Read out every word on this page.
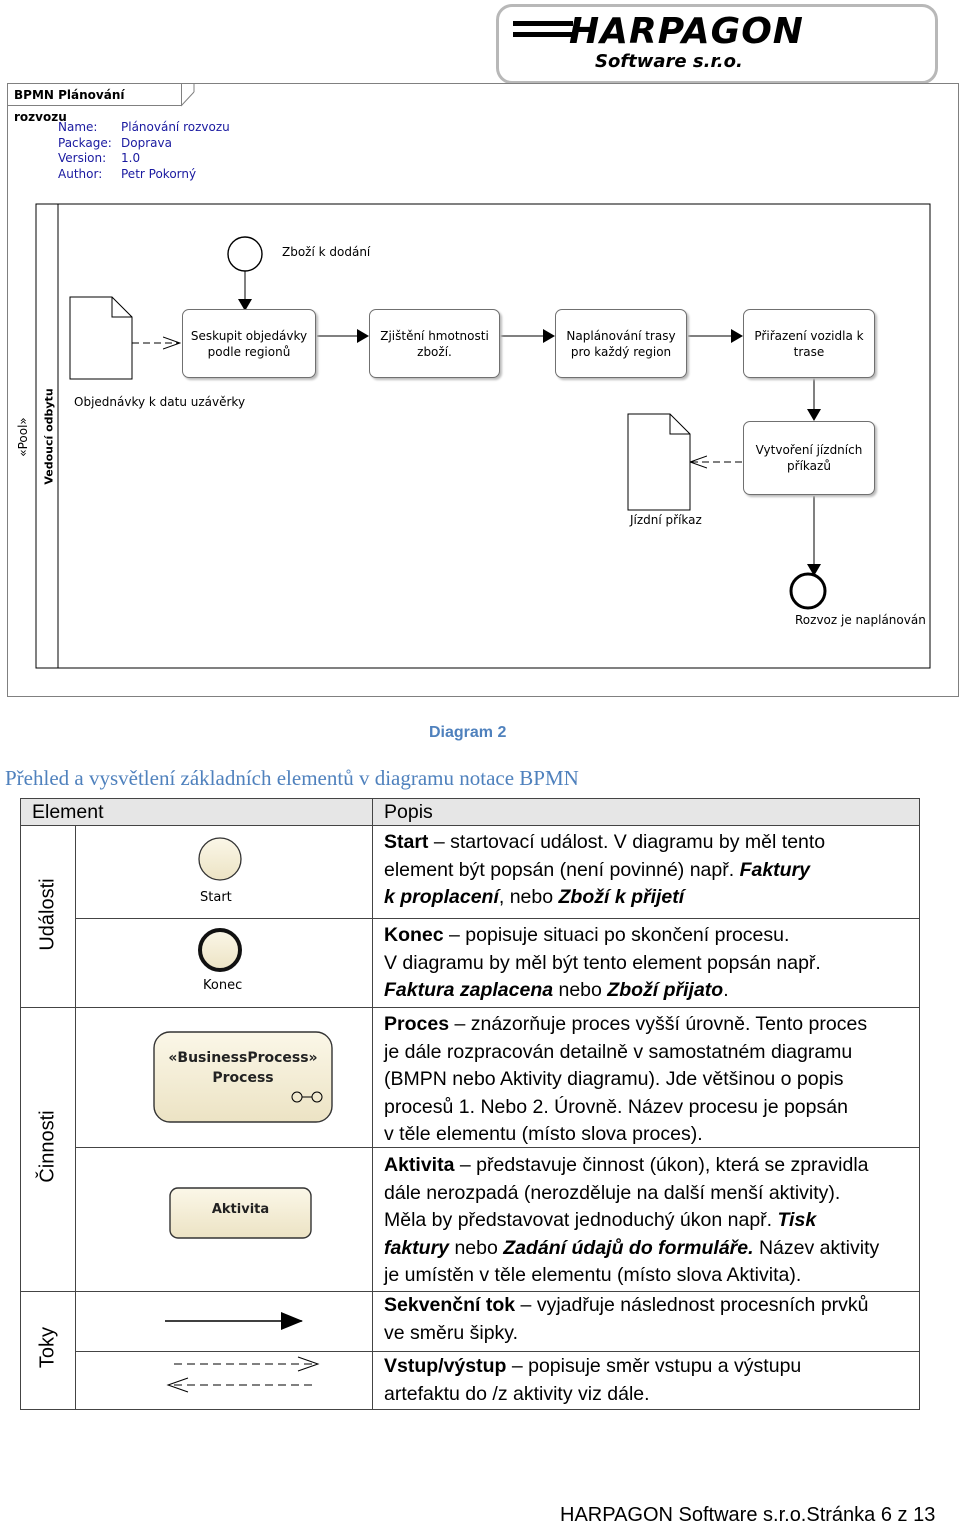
HARPAGON
Software s.r.o.
BPMN Plánování rozvozu
Name: Plánování rozvozu
Package: Doprava
Version: 1.0
Author: Petr Pokorný
«Pool» Vedoucí odbytu
Zboží k dodání
Objednávky k datu uzávěrky
Jízdní příkaz
Rozvoz je naplánován
Seskupit objedávky podle regionů
Zjištění hmotnosti zboží.
Naplánování trasy pro každý region
Přiřazení vozidla k trase
Vytvoření jízdních příkazů
Diagram 2
Přehled a vysvětlení základních elementů v diagramu notace BPMN
Element	Popis
Události
Činnosti
Toky
Start
Konec
«BusinessProcess»
Process
Aktivita
Start – startovací událost. V diagramu by měl tento
element být popsán (není povinné) např. Faktury
k proplacení, nebo Zboží k přijetí
Konec – popisuje situaci po skončení procesu.
V diagramu by měl být tento element popsán např.
Faktura zaplacena nebo Zboží přijato.
Proces – znázorňuje proces vyšší úrovně. Tento proces
je dále rozpracován detailně v samostatném diagramu
(BMPN nebo Aktivity diagramu). Jde většinou o popis
procesů 1. Nebo 2. Úrovně. Název procesu je popsán
v těle elementu (místo slova proces).
Aktivita – představuje činnost (úkon), která se zpravidla
dále nerozpadá (nerozděluje na další menší aktivity).
Měla by představovat jednoduchý úkon např. Tisk
faktury nebo Zadání údajů do formuláře. Název aktivity
je umístěn v těle elementu (místo slova Aktivita).
Sekvenční tok – vyjadřuje následnost procesních prvků
ve směru šipky.
Vstup/výstup – popisuje směr vstupu a výstupu
artefaktu do /z aktivity viz dále.
HARPAGON Software s.r.o.Stránka 6 z 13
